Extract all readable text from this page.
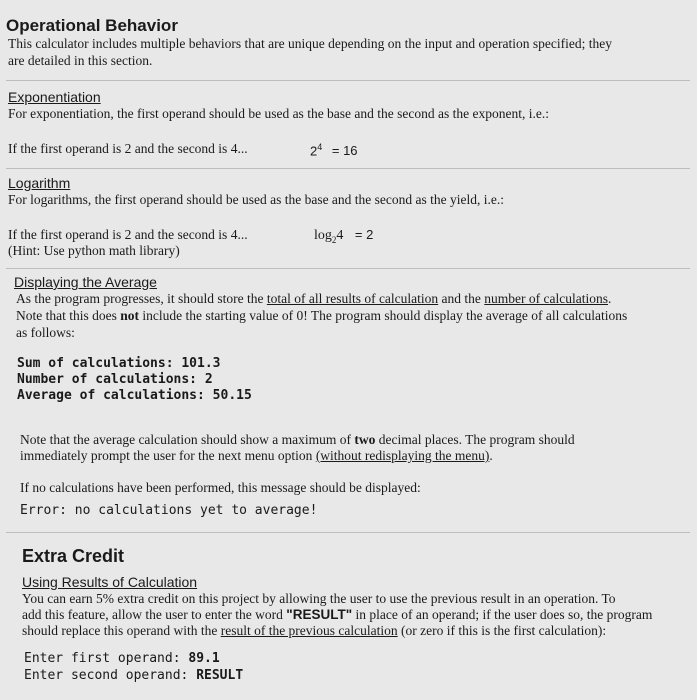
Operational Behavior
This calculator includes multiple behaviors that are unique depending on the input and operation specified; they
are detailed in this section.
Exponentiation
For exponentiation, the first operand should be used as the base and the second as the exponent, i.e.:
If the first operand is 2 and the second is 4...	$2^4 = 16$
Logarithm
For logarithms, the first operand should be used as the base and the second as the yield, i.e.:
If the first operand is 2 and the second is 4...
(Hint: Use python math library)
$\log_24 = 2$
Displaying the Average
As the program progresses, it should store the total of all results of calculation and the number of calculations.
Note that this does not include the starting value of 0! The program should display the average of all calculations
as follows:
Sum of calculations: 101.3
Number of calculations: 2
Average of calculations: 50.15
Note that the average calculation should show a maximum of two decimal places. The program should
immediately prompt the user for the next menu option (without redisplaying the menu).
If no calculations have been performed, this message should be displayed:
Error: no calculations yet to average!
Extra Credit
Using Results of Calculation
You can earn 5% extra credit on this project by allowing the user to use the previous result in an operation. To
add this feature, allow the user to enter the word "RESULT" in place of an operand; if the user does so, the program
should replace this operand with the result of the previous calculation (or zero if this is the first calculation):
Enter first operand: 89.1
Enter second operand: RESULT
